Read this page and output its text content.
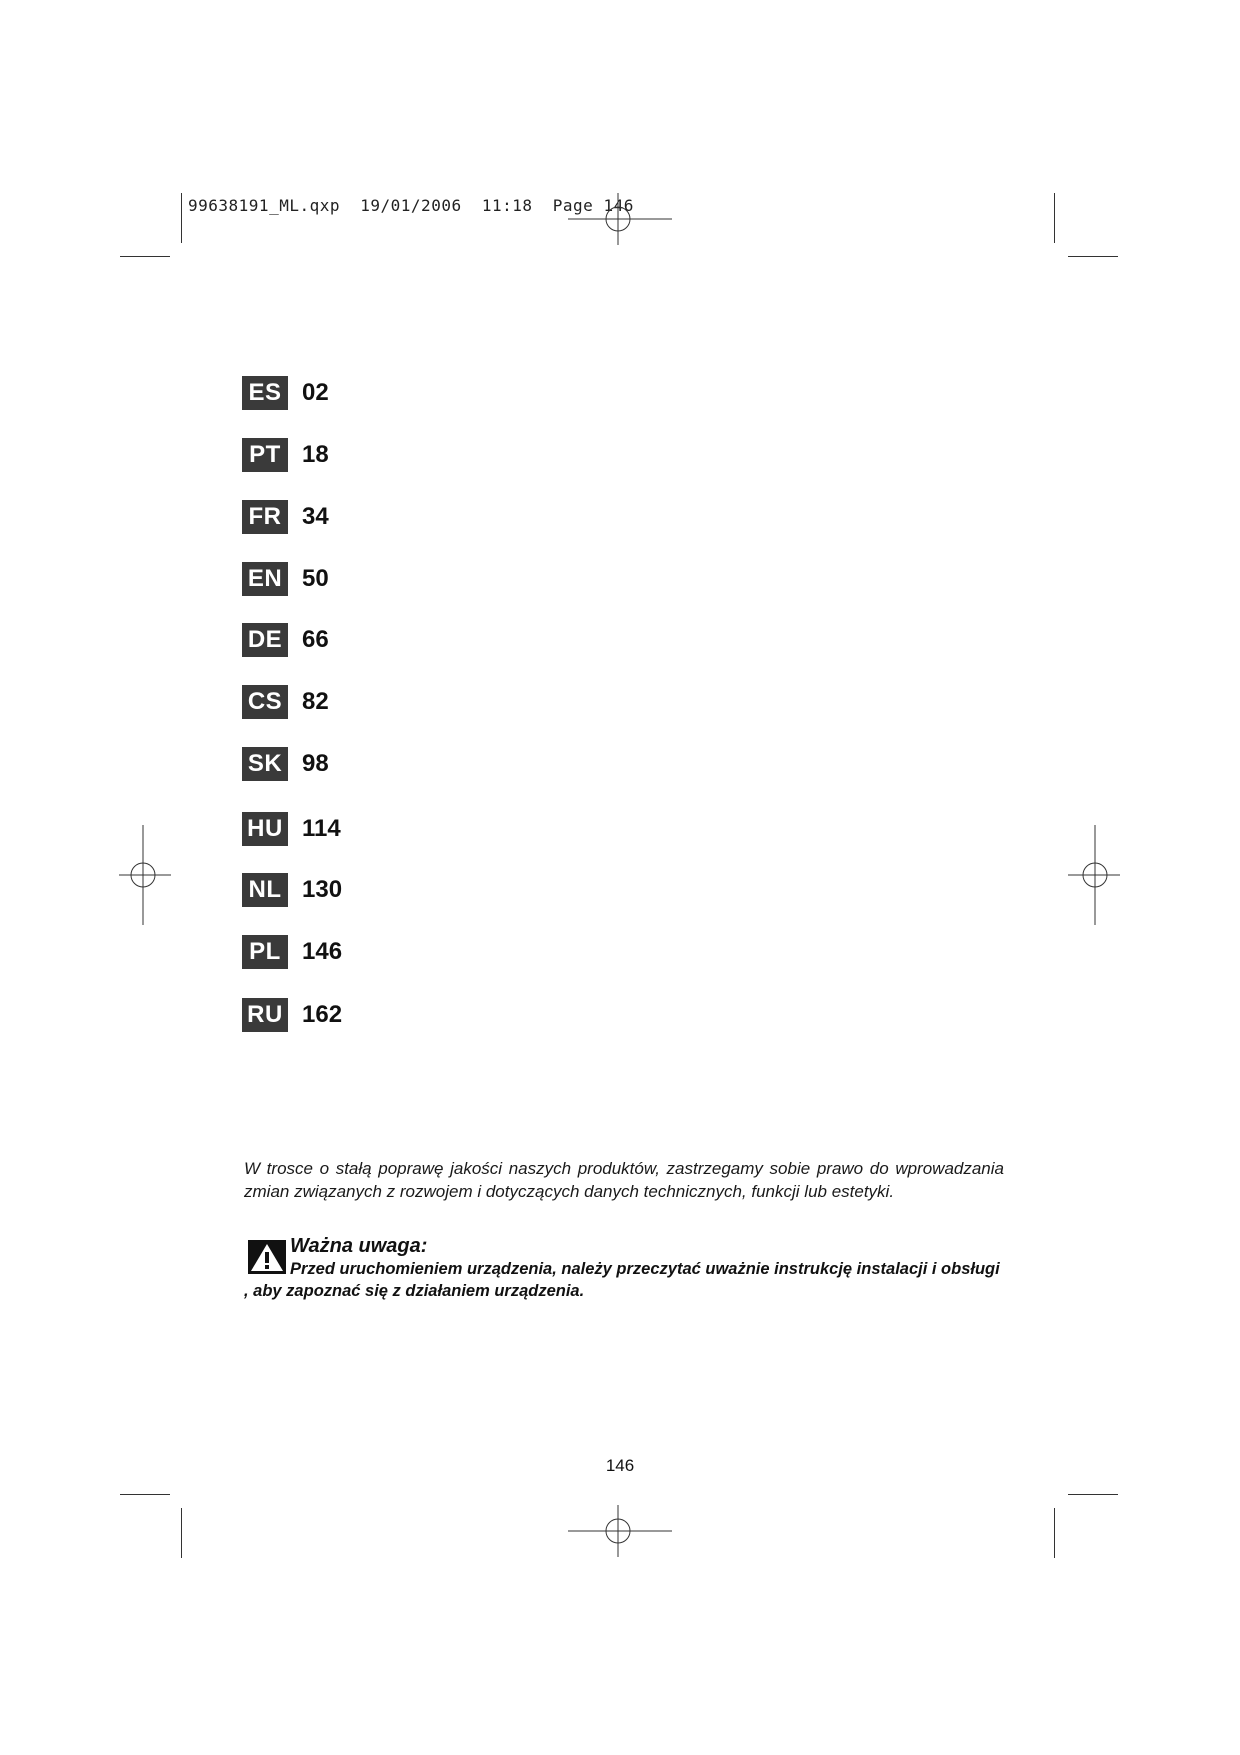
99638191_ML.qxp  19/01/2006  11:18  Page 146
ES 02
PT 18
FR 34
EN 50
DE 66
CS 82
SK 98
HU 114
NL 130
PL 146
RU 162

W trosce o stałą poprawę jakości naszych produktów, zastrzegamy sobie prawo do wprowadzania zmian związanych z rozwojem i dotyczących danych technicznych, funkcji lub estetyki.

Ważna uwaga:
Przed uruchomieniem urządzenia, należy przeczytać uważnie instrukcję instalacji i obsługi , aby zapoznać się z działaniem urządzenia.
146
